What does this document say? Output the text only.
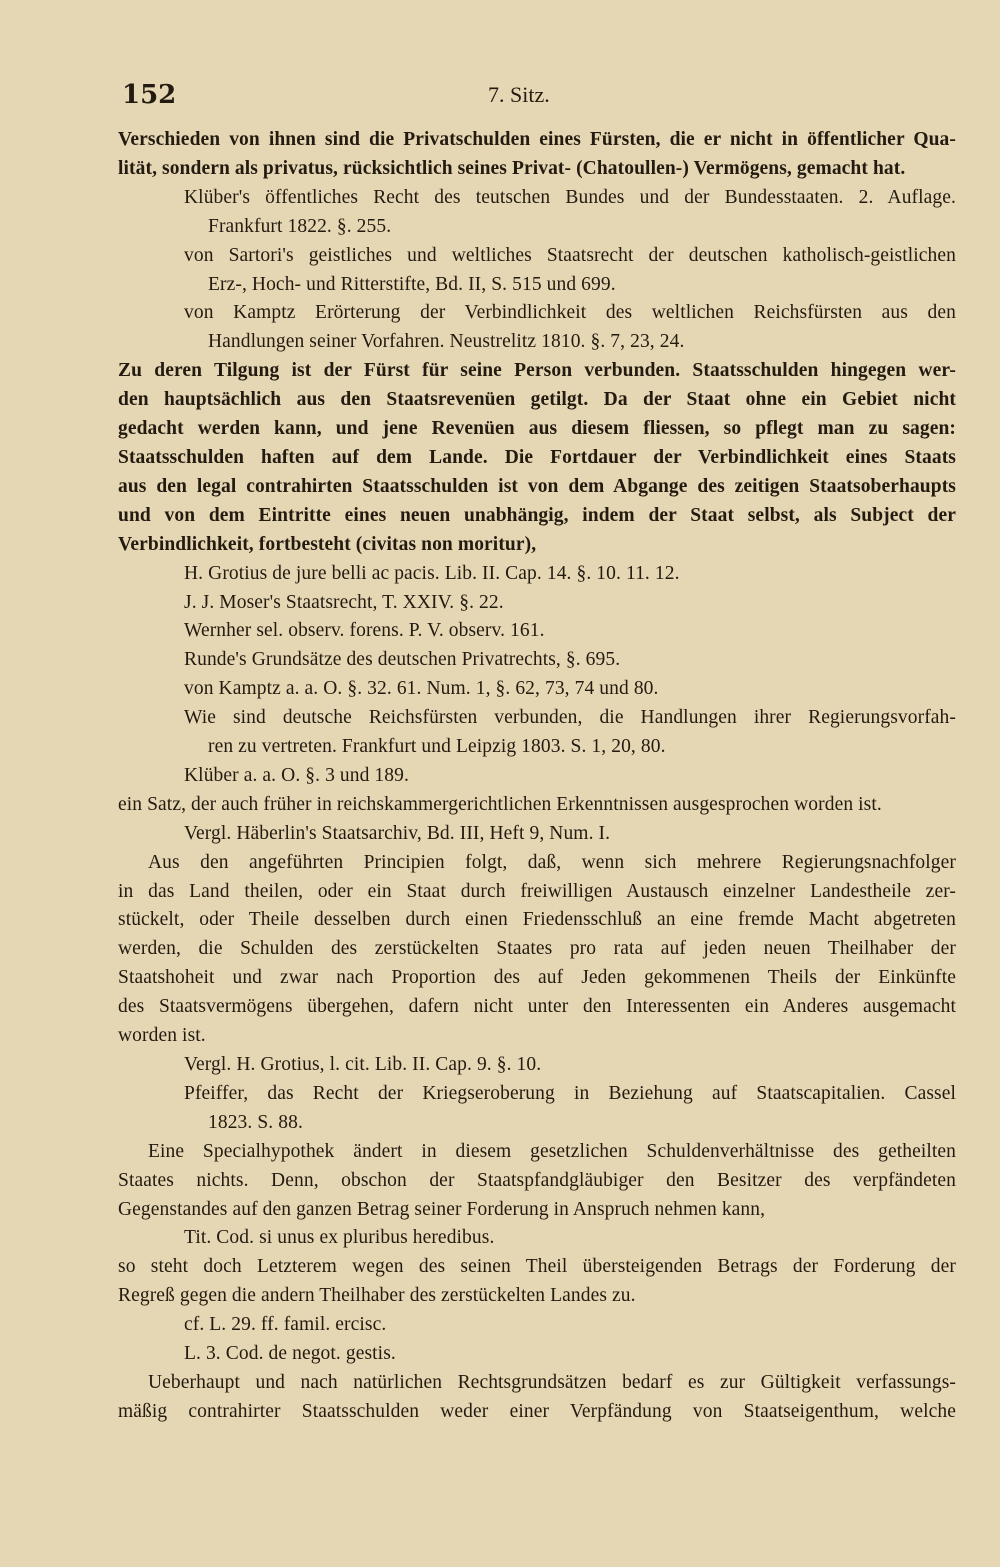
152	7. Sitz.
Verschieden von ihnen sind die Privatschulden eines Fürsten, die er nicht in öffentlicher Qua-
lität, sondern als privatus, rücksichtlich seines Privat- (Chatoullen-) Vermögens, gemacht hat.
Klüber's öffentliches Recht des teutschen Bundes und der Bundesstaaten. 2. Auflage.
Frankfurt 1822. §. 255.
von Sartori's geistliches und weltliches Staatsrecht der deutschen katholisch-geistlichen
Erz-, Hoch- und Ritterstifte, Bd. II, S. 515 und 699.
von Kamptz Erörterung der Verbindlichkeit des weltlichen Reichsfürsten aus den
Handlungen seiner Vorfahren. Neustrelitz 1810. §. 7, 23, 24.
Zu deren Tilgung ist der Fürst für seine Person verbunden. Staatsschulden hingegen wer-
den hauptsächlich aus den Staatsrevenüen getilgt. Da der Staat ohne ein Gebiet nicht
gedacht werden kann, und jene Revenüen aus diesem fliessen, so pflegt man zu sagen:
Staatsschulden haften auf dem Lande. Die Fortdauer der Verbindlichkeit eines Staats
aus den legal contrahirten Staatsschulden ist von dem Abgange des zeitigen Staatsoberhaupts
und von dem Eintritte eines neuen unabhängig, indem der Staat selbst, als Subject der
Verbindlichkeit, fortbesteht (civitas non moritur),
H. Grotius de jure belli ac pacis. Lib. II. Cap. 14. §. 10. 11. 12.
J. J. Moser's Staatsrecht, T. XXIV. §. 22.
Wernher sel. observ. forens. P. V. observ. 161.
Runde's Grundsätze des deutschen Privatrechts, §. 695.
von Kamptz a. a. O. §. 32. 61. Num. 1, §. 62, 73, 74 und 80.
Wie sind deutsche Reichsfürsten verbunden, die Handlungen ihrer Regierungsvorfah-
ren zu vertreten. Frankfurt und Leipzig 1803. S. 1, 20, 80.
Klüber a. a. O. §. 3 und 189.
ein Satz, der auch früher in reichskammergerichtlichen Erkenntnissen ausgesprochen worden ist.
Vergl. Häberlin's Staatsarchiv, Bd. III, Heft 9, Num. I.
Aus den angeführten Principien folgt, daß, wenn sich mehrere Regierungsnachfolger
in das Land theilen, oder ein Staat durch freiwilligen Austausch einzelner Landestheile zer-
stückelt, oder Theile desselben durch einen Friedensschluß an eine fremde Macht abgetreten
werden, die Schulden des zerstückelten Staates pro rata auf jeden neuen Theilhaber der
Staatshoheit und zwar nach Proportion des auf Jeden gekommenen Theils der Einkünfte
des Staatsvermögens übergehen, dafern nicht unter den Interessenten ein Anderes ausgemacht
worden ist.
Vergl. H. Grotius, l. cit. Lib. II. Cap. 9. §. 10.
Pfeiffer, das Recht der Kriegseroberung in Beziehung auf Staatscapitalien. Cassel
1823. S. 88.
Eine Specialhypothek ändert in diesem gesetzlichen Schuldenverhältnisse des getheilten
Staates nichts. Denn, obschon der Staatspfandgläubiger den Besitzer des verpfändeten
Gegenstandes auf den ganzen Betrag seiner Forderung in Anspruch nehmen kann,
Tit. Cod. si unus ex pluribus heredibus.
so steht doch Letzterem wegen des seinen Theil übersteigenden Betrags der Forderung der
Regreß gegen die andern Theilhaber des zerstückelten Landes zu.
cf. L. 29. ff. famil. ercisc.
L. 3. Cod. de negot. gestis.
Ueberhaupt und nach natürlichen Rechtsgrundsätzen bedarf es zur Gültigkeit verfassungs-
mäßig contrahirter Staatsschulden weder einer Verpfändung von Staatseigenthum, welche
